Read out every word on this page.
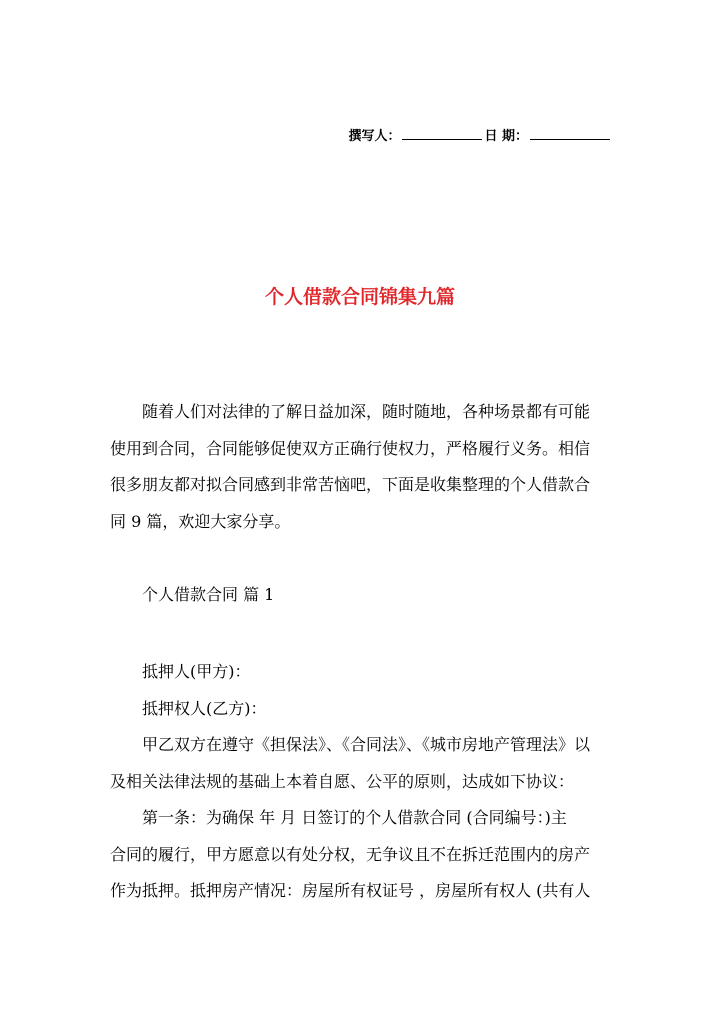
撰写人：	日 期：
个人借款合同锦集九篇
随着人们对法律的了解日益加深，随时随地，各种场景都有可能
使用到合同，合同能够促使双方正确行使权力，严格履行义务。相信
很多朋友都对拟合同感到非常苦恼吧，下面是收集整理的个人借款合
同 9 篇，欢迎大家分享。
个人借款合同 篇 1
抵押人(甲方)：
抵押权人(乙方)：
甲乙双方在遵守《担保法》、《合同法》、《城市房地产管理法》以
及相关法律法规的基础上本着自愿、公平的原则，达成如下协议：
第一条：为确保 年 月 日签订的个人借款合同 (合同编号：)主
合同的履行，甲方愿意以有处分权，无争议且不在拆迁范围内的房产
作为抵押。抵押房产情况：房屋所有权证号 ，房屋所有权人 (共有人
